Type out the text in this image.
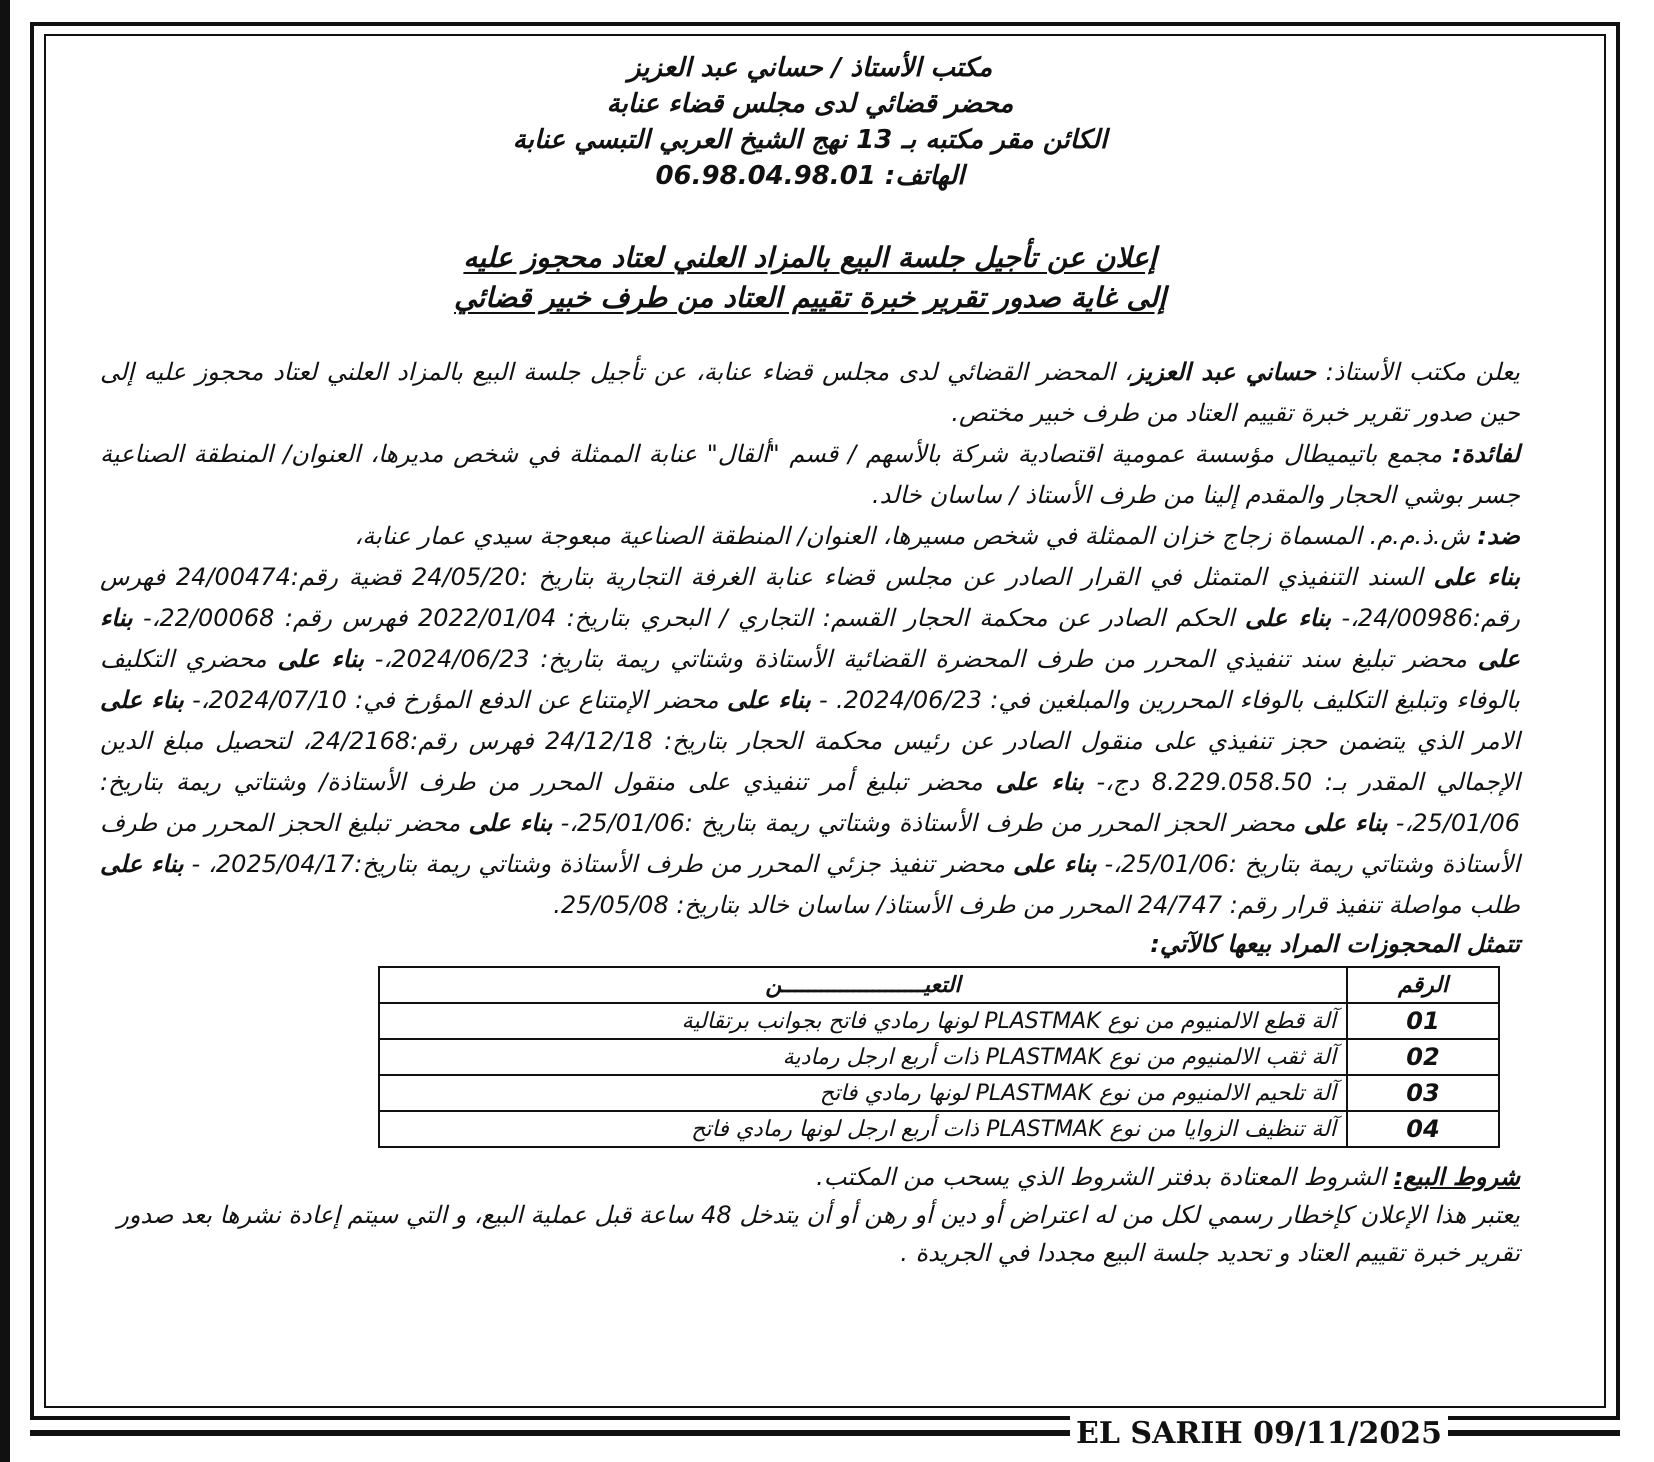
مكتب الأستاذ / حساني عبد العزيز
محضر قضائي لدى مجلس قضاء عنابة
الكائن مقر مكتبه بـ 13 نهج الشيخ العربي التبسي عنابة
الهاتف: 06.98.04.98.01
إعلان عن تأجيل جلسة البيع بالمزاد العلني لعتاد محجوز عليه
إلى غاية صدور تقرير خبرة تقييم العتاد من طرف خبير قضائي

يعلن مكتب الأستاذ: حساني عبد العزيز، المحضر القضائي لدى مجلس قضاء عنابة، عن تأجيل جلسة البيع بالمزاد العلني لعتاد محجوز عليه إلى حين صدور تقرير خبرة تقييم العتاد من طرف خبير مختص.

لفائدة: مجمع باتيميطال مؤسسة عمومية اقتصادية شركة بالأسهم / قسم "ألقال" عنابة الممثلة في شخص مديرها، العنوان/ المنطقة الصناعية جسر بوشي الحجار والمقدم إلينا من طرف الأستاذ / ساسان خالد.

ضد: ش.ذ.م.م. المسماة زجاج خزان الممثلة في شخص مسيرها، العنوان/ المنطقة الصناعية مبعوجة سيدي عمار عنابة،

بناء على السند التنفيذي المتمثل في القرار الصادر عن مجلس قضاء عنابة الغرفة التجارية بتاريخ :24/05/20 قضية رقم:24/00474 فهرس رقم:24/00986،- بناء على الحكم الصادر عن محكمة الحجار القسم: التجاري / البحري بتاريخ: 2022/01/04 فهرس رقم: 22/00068،- بناء على محضر تبليغ سند تنفيذي المحرر من طرف المحضرة القضائية الأستاذة وشتاتي ريمة بتاريخ: 2024/06/23،- بناء على محضري التكليف بالوفاء وتبليغ التكليف بالوفاء المحررين والمبلغين في: 2024/06/23. - بناء على محضر الإمتناع عن الدفع المؤرخ في: 2024/07/10،- بناء على الامر الذي يتضمن حجز تنفيذي على منقول الصادر عن رئيس محكمة الحجار بتاريخ: 24/12/18 فهرس رقم:24/2168، لتحصيل مبلغ الدين الإجمالي المقدر بـ: 8.229.058.50 دج،- بناء على محضر تبليغ أمر تنفيذي على منقول المحرر من طرف الأستاذة/ وشتاتي ريمة بتاريخ: 25/01/06،- بناء على محضر الحجز المحرر من طرف الأستاذة وشتاتي ريمة بتاريخ :25/01/06،- بناء على محضر تبليغ الحجز المحرر من طرف الأستاذة وشتاتي ريمة بتاريخ :25/01/06،- بناء على محضر تنفيذ جزئي المحرر من طرف الأستاذة وشتاتي ريمة بتاريخ:2025/04/17، - بناء على طلب مواصلة تنفيذ قرار رقم: 24/747 المحرر من طرف الأستاذ/ ساسان خالد بتاريخ: 25/05/08.

تتمثل المحجوزات المراد بيعها كالآتي:
الرقم	التعيــــــــــــــــــــــن
01	آلة قطع الالمنيوم من نوع PLASTMAK لونها رمادي فاتح بجوانب برتقالية
02	آلة ثقب الالمنيوم من نوع PLASTMAK ذات أربع ارجل رمادية
03	آلة تلحيم الالمنيوم من نوع PLASTMAK لونها رمادي فاتح
04	آلة تنظيف الزوايا من نوع PLASTMAK ذات أربع ارجل لونها رمادي فاتح

شروط البيع: الشروط المعتادة بدفتر الشروط الذي يسحب من المكتب.

يعتبر هذا الإعلان كإخطار رسمي لكل من له اعتراض أو دين أو رهن أو أن يتدخل 48 ساعة قبل عملية البيع، و التي سيتم إعادة نشرها بعد صدور تقرير خبرة تقييم العتاد و تحديد جلسة البيع مجددا في الجريدة .

EL SARIH 09/11/2025
